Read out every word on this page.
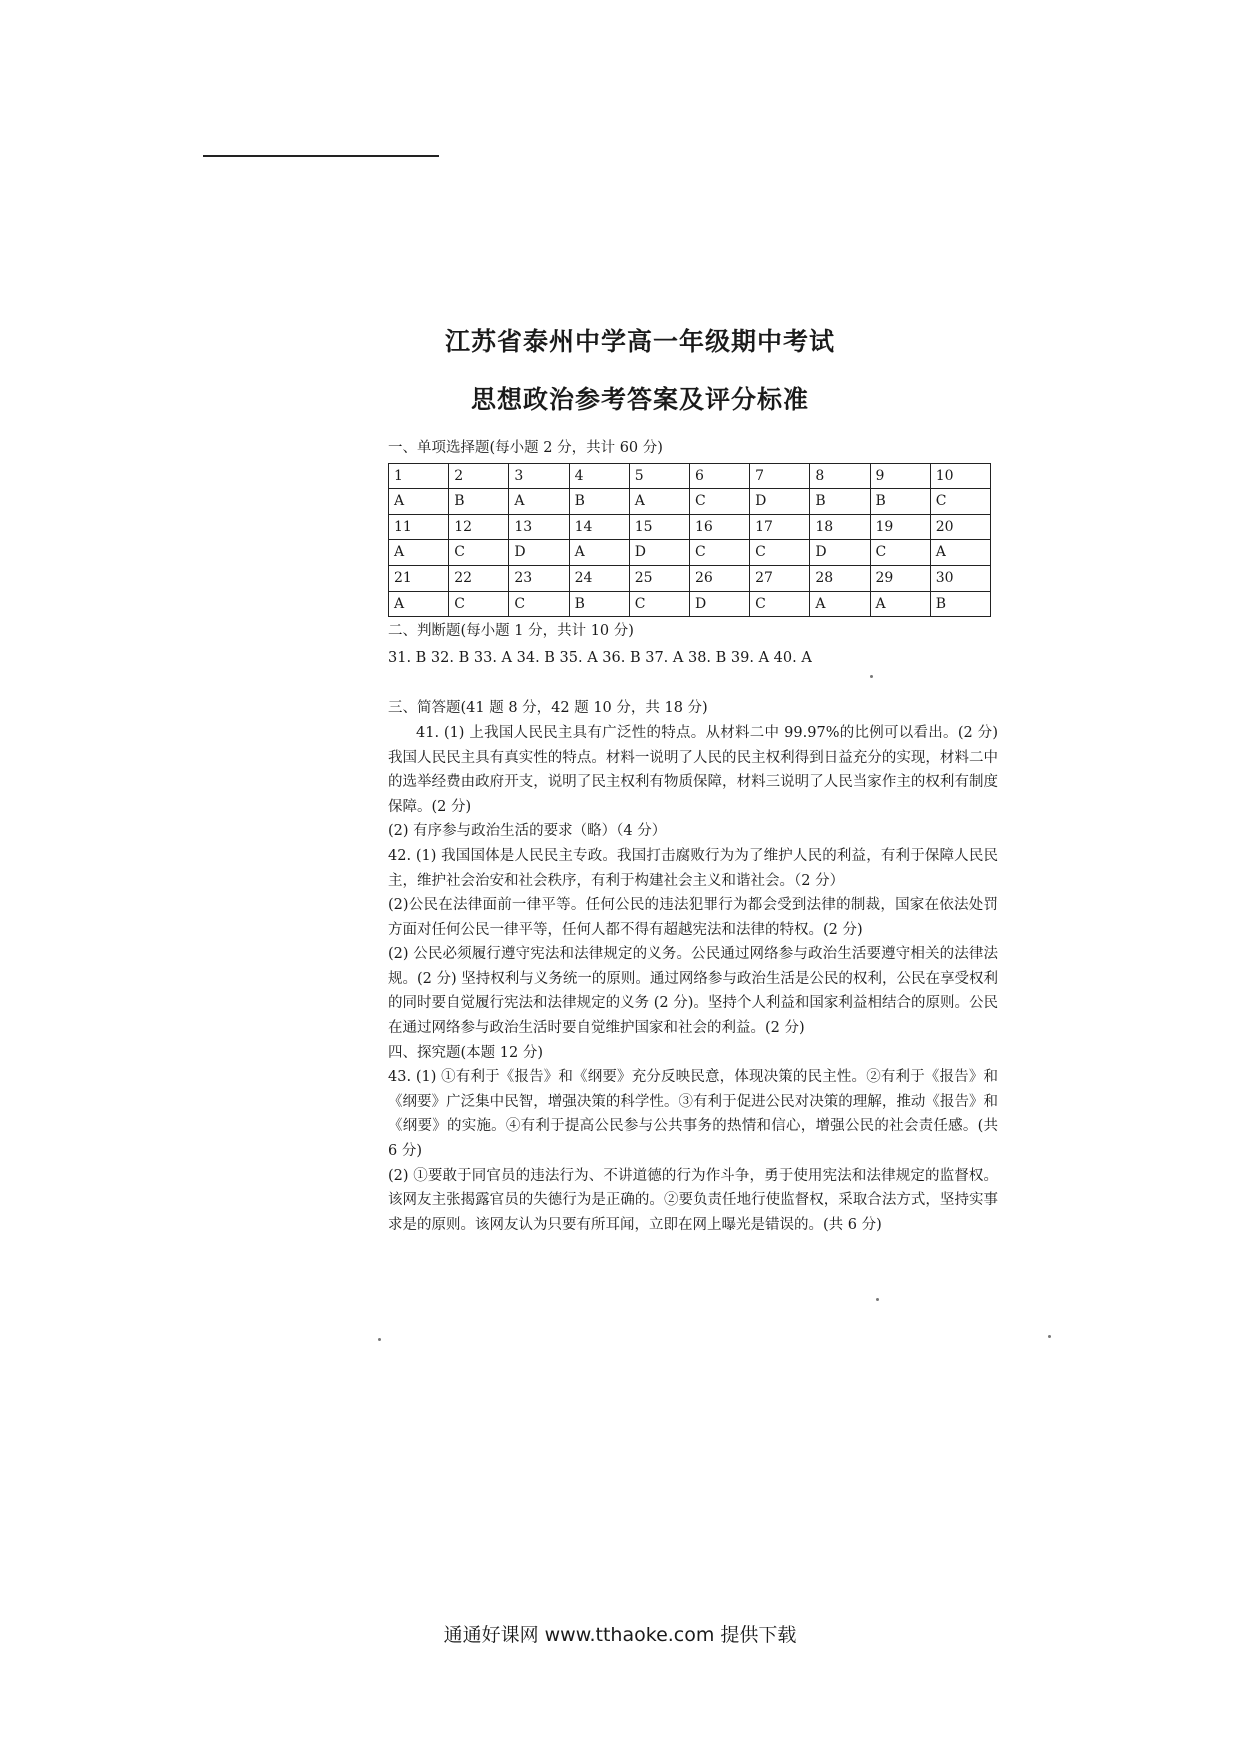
江苏省泰州中学高一年级期中考试
思想政治参考答案及评分标准

一、单项选择题(每小题 2 分，共计 60 分)

1	2	3	4	5	6	7	8	9	10
A	B	A	B	A	C	D	B	B	C
11	12	13	14	15	16	17	18	19	20
A	C	D	A	D	C	C	D	C	A
21	22	23	24	25	26	27	28	29	30
A	C	C	B	C	D	C	A	A	B

二、判断题(每小题 1 分，共计 10 分)

31. B 32. B 33. A 34. B 35. A 36. B 37. A 38. B 39. A 40. A

三、简答题(41 题 8 分，42 题 10 分，共 18 分)

41. (1) 上我国人民民主具有广泛性的特点。从材料二中 99.97%的比例可以看出。(2 分)我国人民民主具有真实性的特点。材料一说明了人民的民主权利得到日益充分的实现，材料二中的选举经费由政府开支，说明了民主权利有物质保障，材料三说明了人民当家作主的权利有制度保障。(2 分)

(2) 有序参与政治生活的要求（略）（4 分）

42. (1) 我国国体是人民民主专政。我国打击腐败行为为了维护人民的利益，有利于保障人民民主，维护社会治安和社会秩序，有利于构建社会主义和谐社会。（2 分）

(2)公民在法律面前一律平等。任何公民的违法犯罪行为都会受到法律的制裁，国家在依法处罚方面对任何公民一律平等，任何人都不得有超越宪法和法律的特权。(2 分)

(2) 公民必须履行遵守宪法和法律规定的义务。公民通过网络参与政治生活要遵守相关的法律法规。(2 分) 坚持权利与义务统一的原则。通过网络参与政治生活是公民的权利，公民在享受权利的同时要自觉履行宪法和法律规定的义务 (2 分)。坚持个人利益和国家利益相结合的原则。公民在通过网络参与政治生活时要自觉维护国家和社会的利益。(2 分)

四、探究题(本题 12 分)

43. (1) ①有利于《报告》和《纲要》充分反映民意，体现决策的民主性。②有利于《报告》和《纲要》广泛集中民智，增强决策的科学性。③有利于促进公民对决策的理解，推动《报告》和《纲要》的实施。④有利于提高公民参与公共事务的热情和信心，增强公民的社会责任感。(共 6 分)

(2) ①要敢于同官员的违法行为、不讲道德的行为作斗争，勇于使用宪法和法律规定的监督权。该网友主张揭露官员的失德行为是正确的。②要负责任地行使监督权，采取合法方式，坚持实事求是的原则。该网友认为只要有所耳闻，立即在网上曝光是错误的。(共 6 分)

通通好课网 www.tthaoke.com 提供下载
